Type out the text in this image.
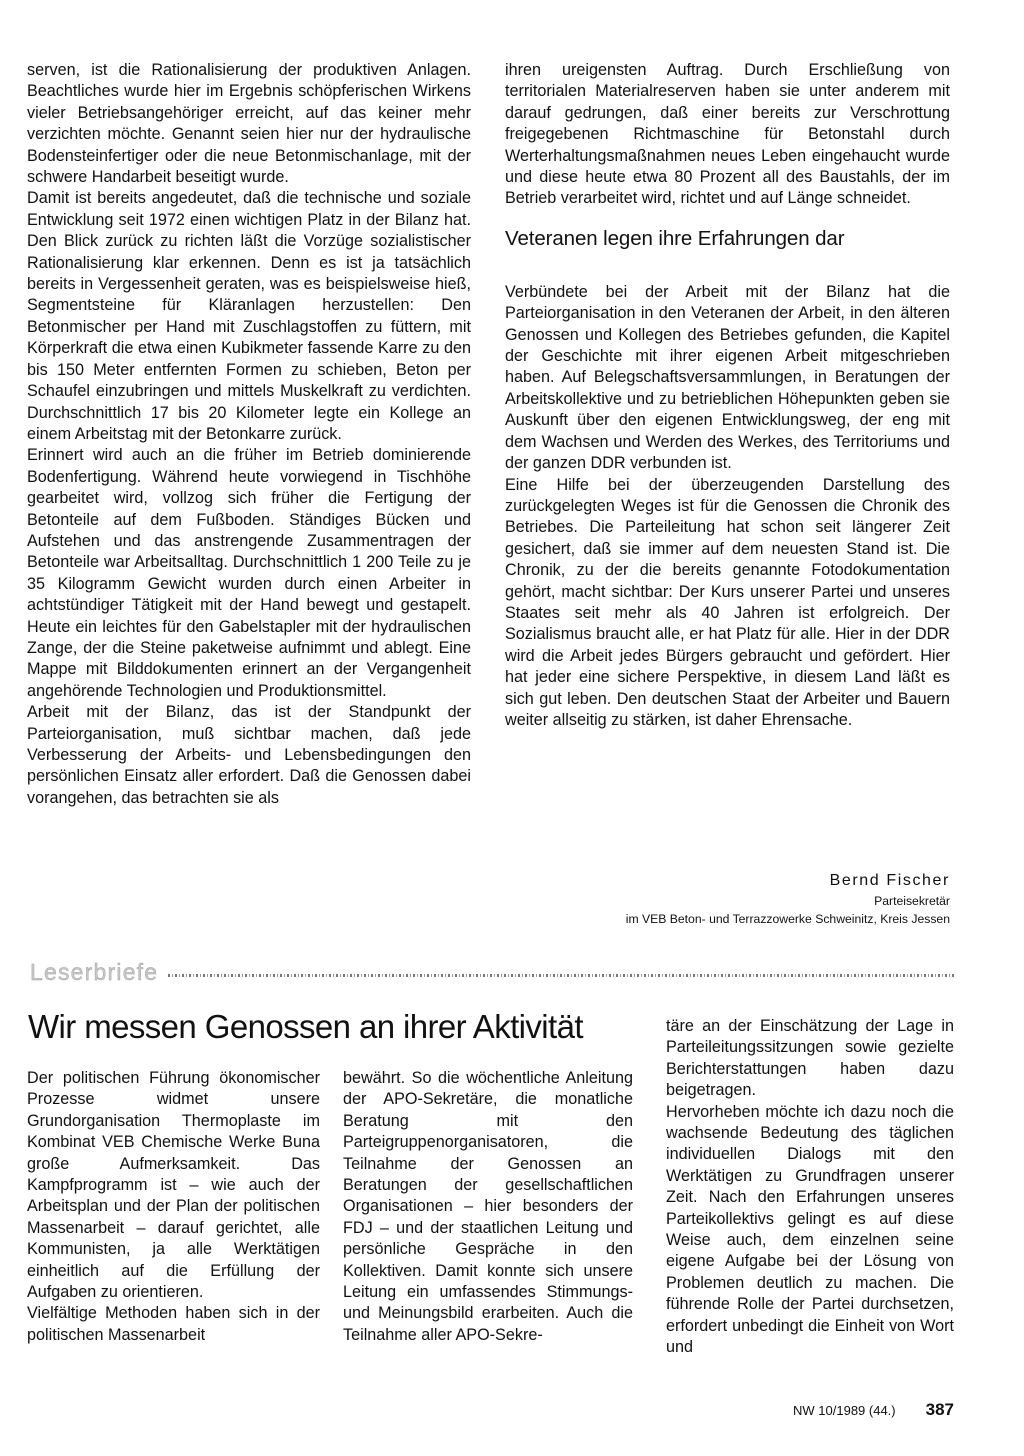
serven, ist die Rationalisierung der produktiven Anlagen. Beachtliches wurde hier im Ergebnis schöpferischen Wirkens vieler Betriebsangehöriger erreicht, auf das keiner mehr verzichten möchte. Genannt seien hier nur der hydraulische Bodensteinfertiger oder die neue Betonmischanlage, mit der schwere Handarbeit beseitigt wurde.

Damit ist bereits angedeutet, daß die technische und soziale Entwicklung seit 1972 einen wichtigen Platz in der Bilanz hat. Den Blick zurück zu richten läßt die Vorzüge sozialistischer Rationalisierung klar erkennen. Denn es ist ja tatsächlich bereits in Vergessenheit geraten, was es beispielsweise hieß, Segmentsteine für Kläranlagen herzustellen: Den Betonmischer per Hand mit Zuschlagstoffen zu füttern, mit Körperkraft die etwa einen Kubikmeter fassende Karre zu den bis 150 Meter entfernten Formen zu schieben, Beton per Schaufel einzubringen und mittels Muskelkraft zu verdichten. Durchschnittlich 17 bis 20 Kilometer legte ein Kollege an einem Arbeitstag mit der Betonkarre zurück.

Erinnert wird auch an die früher im Betrieb dominierende Bodenfertigung. Während heute vorwiegend in Tischhöhe gearbeitet wird, vollzog sich früher die Fertigung der Betonteile auf dem Fußboden. Ständiges Bücken und Aufstehen und das anstrengende Zusammentragen der Betonteile war Arbeitsalltag. Durchschnittlich 1 200 Teile zu je 35 Kilogramm Gewicht wurden durch einen Arbeiter in achtstündiger Tätigkeit mit der Hand bewegt und gestapelt. Heute ein leichtes für den Gabelstapler mit der hydraulischen Zange, der die Steine paketweise aufnimmt und ablegt. Eine Mappe mit Bilddokumenten erinnert an der Vergangenheit angehörende Technologien und Produktionsmittel.

Arbeit mit der Bilanz, das ist der Standpunkt der Parteiorganisation, muß sichtbar machen, daß jede Verbesserung der Arbeits- und Lebensbedingungen den persönlichen Einsatz aller erfordert. Daß die Genossen dabei vorangehen, das betrachten sie als

ihren ureigensten Auftrag. Durch Erschließung von territorialen Materialreserven haben sie unter anderem mit darauf gedrungen, daß einer bereits zur Verschrottung freigegebenen Richtmaschine für Betonstahl durch Werterhaltungsmaßnahmen neues Leben eingehaucht wurde und diese heute etwa 80 Prozent all des Baustahls, der im Betrieb verarbeitet wird, richtet und auf Länge schneidet.

Veteranen legen ihre Erfahrungen dar

Verbündete bei der Arbeit mit der Bilanz hat die Parteiorganisation in den Veteranen der Arbeit, in den älteren Genossen und Kollegen des Betriebes gefunden, die Kapitel der Geschichte mit ihrer eigenen Arbeit mitgeschrieben haben. Auf Belegschaftsversammlungen, in Beratungen der Arbeitskollektive und zu betrieblichen Höhepunkten geben sie Auskunft über den eigenen Entwicklungsweg, der eng mit dem Wachsen und Werden des Werkes, des Territoriums und der ganzen DDR verbunden ist.

Eine Hilfe bei der überzeugenden Darstellung des zurückgelegten Weges ist für die Genossen die Chronik des Betriebes. Die Parteileitung hat schon seit längerer Zeit gesichert, daß sie immer auf dem neuesten Stand ist. Die Chronik, zu der die bereits genannte Fotodokumentation gehört, macht sichtbar: Der Kurs unserer Partei und unseres Staates seit mehr als 40 Jahren ist erfolgreich. Der Sozialismus braucht alle, er hat Platz für alle. Hier in der DDR wird die Arbeit jedes Bürgers gebraucht und gefördert. Hier hat jeder eine sichere Perspektive, in diesem Land läßt es sich gut leben. Den deutschen Staat der Arbeiter und Bauern weiter allseitig zu stärken, ist daher Ehrensache.

Bernd Fischer
Parteisekretär
im VEB Beton- und Terrazzowerke Schweinitz, Kreis Jessen
Leserbriefe
Wir messen Genossen an ihrer Aktivität

Der politischen Führung ökonomischer Prozesse widmet unsere Grundorganisation Thermoplaste im Kombinat VEB Chemische Werke Buna große Aufmerksamkeit. Das Kampfprogramm ist – wie auch der Arbeitsplan und der Plan der politischen Massenarbeit – darauf gerichtet, alle Kommunisten, ja alle Werktätigen einheitlich auf die Erfüllung der Aufgaben zu orientieren.

Vielfältige Methoden haben sich in der politischen Massenarbeit

bewährt. So die wöchentliche Anleitung der APO-Sekretäre, die monatliche Beratung mit den Parteigruppenorganisatoren, die Teilnahme der Genossen an Beratungen der gesellschaftlichen Organisationen – hier besonders der FDJ – und der staatlichen Leitung und persönliche Gespräche in den Kollektiven. Damit konnte sich unsere Leitung ein umfassendes Stimmungs- und Meinungsbild erarbeiten. Auch die Teilnahme aller APO-Sekre-

täre an der Einschätzung der Lage in Parteileitungssitzungen sowie gezielte Berichterstattungen haben dazu beigetragen.

Hervorheben möchte ich dazu noch die wachsende Bedeutung des täglichen individuellen Dialogs mit den Werktätigen zu Grundfragen unserer Zeit. Nach den Erfahrungen unseres Parteikollektivs gelingt es auf diese Weise auch, dem einzelnen seine eigene Aufgabe bei der Lösung von Problemen deutlich zu machen. Die führende Rolle der Partei durchsetzen, erfordert unbedingt die Einheit von Wort und

NW 10/1989 (44.) 387
